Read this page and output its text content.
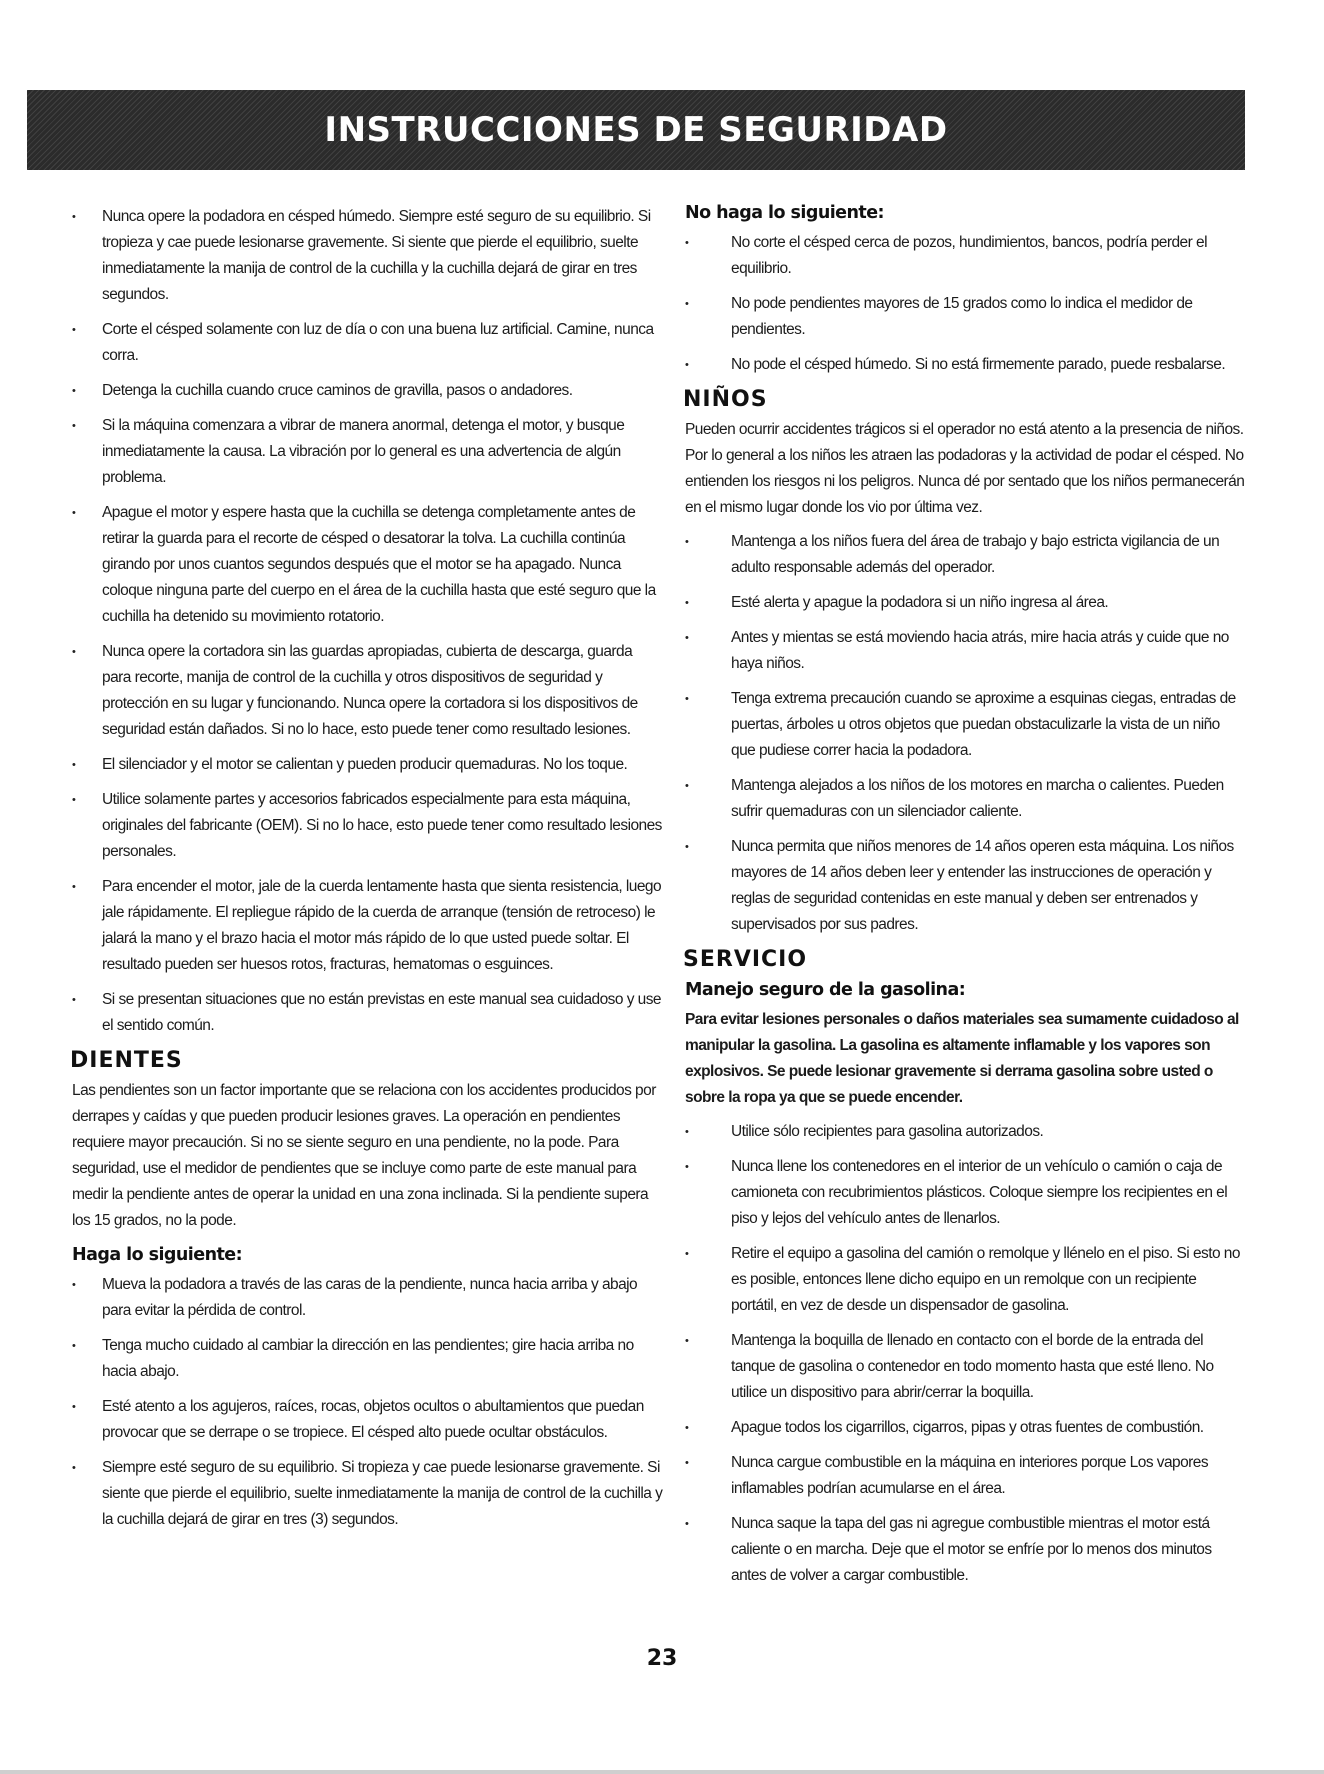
INSTRUCCIONES DE SEGURIDAD
• Nunca opere la podadora en césped húmedo. Siempre esté seguro de su equilibrio. Si tropieza y cae puede lesionarse gravemente. Si siente que pierde el equilibrio, suelte inmediatamente la manija de control de la cuchilla y la cuchilla dejará de girar en tres segundos.
• Corte el césped solamente con luz de día o con una buena luz artificial. Camine, nunca corra.
• Detenga la cuchilla cuando cruce caminos de gravilla, pasos o andadores.
• Si la máquina comenzara a vibrar de manera anormal, detenga el motor, y busque inmediatamente la causa. La vibración por lo general es una advertencia de algún problema.
• Apague el motor y espere hasta que la cuchilla se detenga completamente antes de retirar la guarda para el recorte de césped o desatorar la tolva. La cuchilla continúa girando por unos cuantos segundos después que el motor se ha apagado. Nunca coloque ninguna parte del cuerpo en el área de la cuchilla hasta que esté seguro que la cuchilla ha detenido su movimiento rotatorio.
• Nunca opere la cortadora sin las guardas apropiadas, cubierta de descarga, guarda para recorte, manija de control de la cuchilla y otros dispositivos de seguridad y protección en su lugar y funcionando. Nunca opere la cortadora si los dispositivos de seguridad están dañados. Si no lo hace, esto puede tener como resultado lesiones.
• El silenciador y el motor se calientan y pueden producir quemaduras. No los toque.
• Utilice solamente partes y accesorios fabricados especialmente para esta máquina, originales del fabricante (OEM). Si no lo hace, esto puede tener como resultado lesiones personales.
• Para encender el motor, jale de la cuerda lentamente hasta que sienta resistencia, luego jale rápidamente. El repliegue rápido de la cuerda de arranque (tensión de retroceso) le jalará la mano y el brazo hacia el motor más rápido de lo que usted puede soltar. El resultado pueden ser huesos rotos, fracturas, hematomas o esguinces.
• Si se presentan situaciones que no están previstas en este manual sea cuidadoso y use el sentido común.
DIENTES

Las pendientes son un factor importante que se relaciona con los accidentes producidos por derrapes y caídas y que pueden producir lesiones graves. La operación en pendientes requiere mayor precaución. Si no se siente seguro en una pendiente, no la pode. Para seguridad, use el medidor de pendientes que se incluye como parte de este manual para medir la pendiente antes de operar la unidad en una zona inclinada. Si la pendiente supera los 15 grados, no la pode.

Haga lo siguiente:
• Mueva la podadora a través de las caras de la pendiente, nunca hacia arriba y abajo para evitar la pérdida de control.
• Tenga mucho cuidado al cambiar la dirección en las pendientes; gire hacia arriba no hacia abajo.
• Esté atento a los agujeros, raíces, rocas, objetos ocultos o abultamientos que puedan provocar que se derrape o se tropiece. El césped alto puede ocultar obstáculos.
• Siempre esté seguro de su equilibrio. Si tropieza y cae puede lesionarse gravemente. Si siente que pierde el equilibrio, suelte inmediatamente la manija de control de la cuchilla y la cuchilla dejará de girar en tres (3) segundos.
No haga lo siguiente:
• No corte el césped cerca de pozos, hundimientos, bancos, podría perder el equilibrio.
• No pode pendientes mayores de 15 grados como lo indica el medidor de pendientes.
• No pode el césped húmedo. Si no está firmemente parado, puede resbalarse.
NIÑOS

Pueden ocurrir accidentes trágicos si el operador no está atento a la presencia de niños. Por lo general a los niños les atraen las podadoras y la actividad de podar el césped. No entienden los riesgos ni los peligros. Nunca dé por sentado que los niños permanecerán en el mismo lugar donde los vio por última vez.

• Mantenga a los niños fuera del área de trabajo y bajo estricta vigilancia de un adulto responsable además del operador.
• Esté alerta y apague la podadora si un niño ingresa al área.
• Antes y mientas se está moviendo hacia atrás, mire hacia atrás y cuide que no haya niños.
• Tenga extrema precaución cuando se aproxime a esquinas ciegas, entradas de puertas, árboles u otros objetos que puedan obstaculizarle la vista de un niño que pudiese correr hacia la podadora.
• Mantenga alejados a los niños de los motores en marcha o calientes. Pueden sufrir quemaduras con un silenciador caliente.
• Nunca permita que niños menores de 14 años operen esta máquina. Los niños mayores de 14 años deben leer y entender las instrucciones de operación y reglas de seguridad contenidas en este manual y deben ser entrenados y supervisados por sus padres.
SERVICIO
Manejo seguro de la gasolina:

Para evitar lesiones personales o daños materiales sea sumamente cuidadoso al manipular la gasolina. La gasolina es altamente inflamable y los vapores son explosivos. Se puede lesionar gravemente si derrama gasolina sobre usted o sobre la ropa ya que se puede encender.

• Utilice sólo recipientes para gasolina autorizados.
• Nunca llene los contenedores en el interior de un vehículo o camión o caja de camioneta con recubrimientos plásticos. Coloque siempre los recipientes en el piso y lejos del vehículo antes de llenarlos.
• Retire el equipo a gasolina del camión o remolque y llénelo en el piso. Si esto no es posible, entonces llene dicho equipo en un remolque con un recipiente portátil, en vez de desde un dispensador de gasolina.
• Mantenga la boquilla de llenado en contacto con el borde de la entrada del tanque de gasolina o contenedor en todo momento hasta que esté lleno. No utilice un dispositivo para abrir/cerrar la boquilla.
• Apague todos los cigarrillos, cigarros, pipas y otras fuentes de combustión.
• Nunca cargue combustible en la máquina en interiores porque Los vapores inflamables podrían acumularse en el área.
• Nunca saque la tapa del gas ni agregue combustible mientras el motor está caliente o en marcha. Deje que el motor se enfríe por lo menos dos minutos antes de volver a cargar combustible.
23
